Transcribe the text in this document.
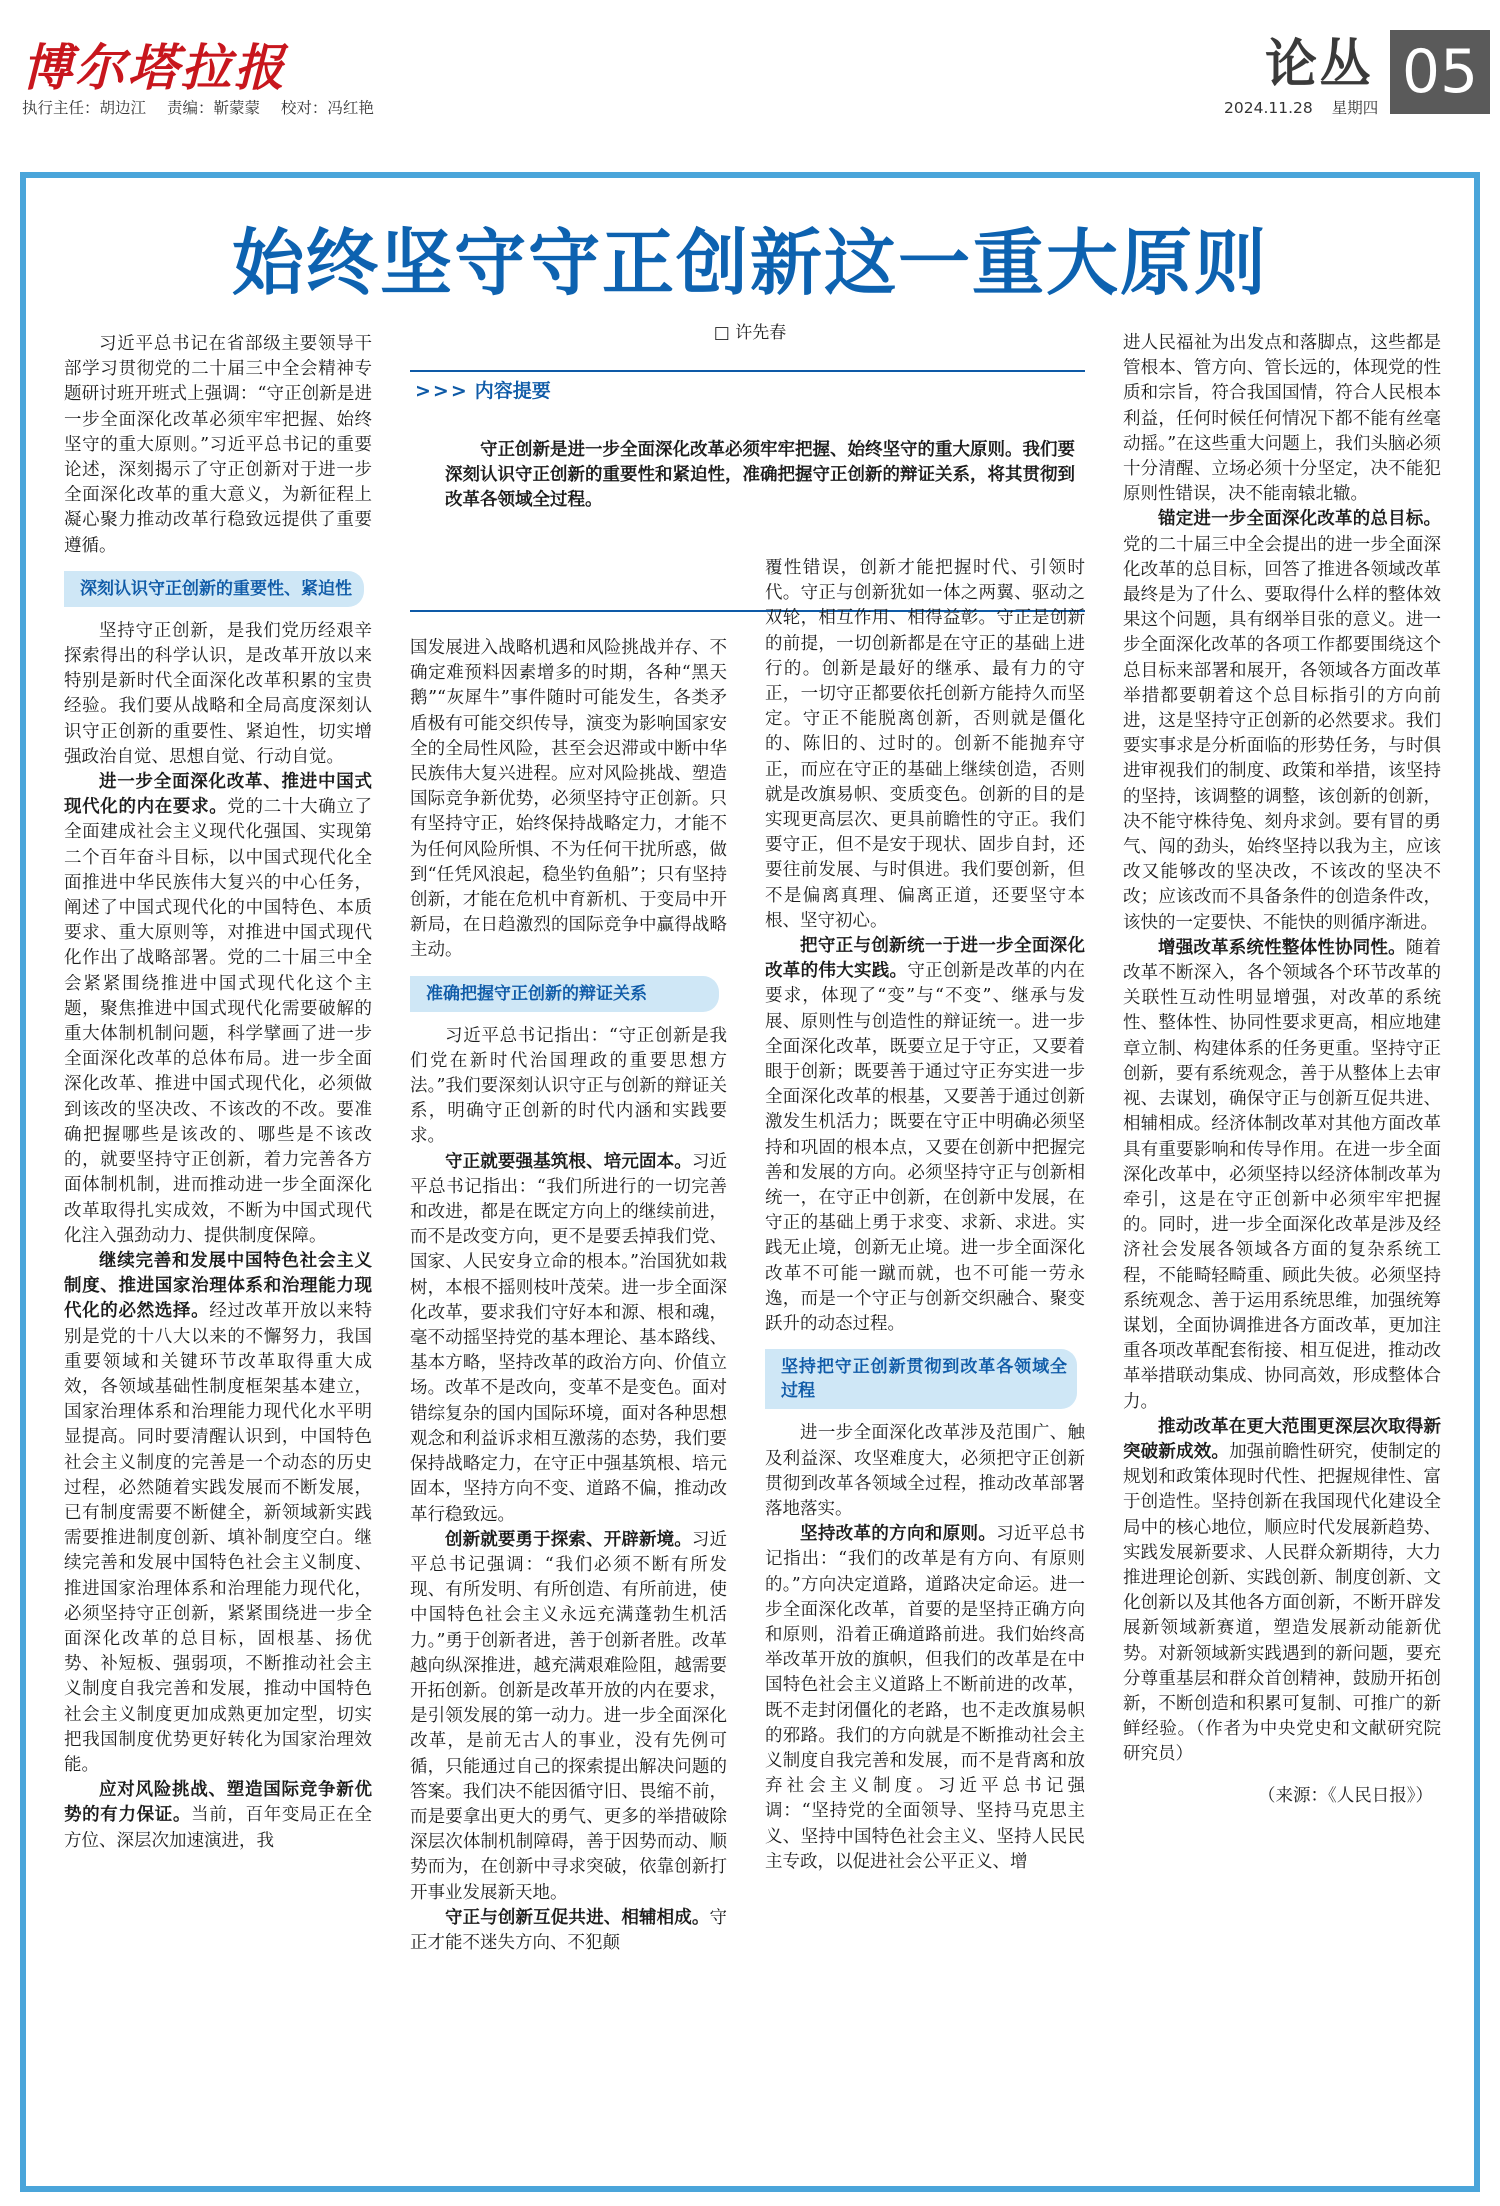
博尔塔拉报
执行主任：胡边江 责编：靳蒙蒙 校对：冯红艳
论丛 05
2024.11.28 星期四
始终坚守守正创新这一重大原则
□ 许先春
>>> 内容提要

守正创新是进一步全面深化改革必须牢牢把握、始终坚守的重大原则。我们要深刻认识守正创新的重要性和紧迫性，准确把握守正创新的辩证关系，将其贯彻到改革各领域全过程。

习近平总书记在省部级主要领导干部学习贯彻党的二十届三中全会精神专题研讨班开班式上强调：“守正创新是进一步全面深化改革必须牢牢把握、始终坚守的重大原则。”习近平总书记的重要论述，深刻揭示了守正创新对于进一步全面深化改革的重大意义，为新征程上凝心聚力推动改革行稳致远提供了重要遵循。

深刻认识守正创新的重要性、紧迫性

坚持守正创新，是我们党历经艰辛探索得出的科学认识，是改革开放以来特别是新时代全面深化改革积累的宝贵经验。我们要从战略和全局高度深刻认识守正创新的重要性、紧迫性，切实增强政治自觉、思想自觉、行动自觉。

进一步全面深化改革、推进中国式现代化的内在要求。党的二十大确立了全面建成社会主义现代化强国、实现第二个百年奋斗目标，以中国式现代化全面推进中华民族伟大复兴的中心任务，阐述了中国式现代化的中国特色、本质要求、重大原则等，对推进中国式现代化作出了战略部署。党的二十届三中全会紧紧围绕推进中国式现代化这个主题，聚焦推进中国式现代化需要破解的重大体制机制问题，科学擘画了进一步全面深化改革的总体布局。进一步全面深化改革、推进中国式现代化，必须做到该改的坚决改、不该改的不改。要准确把握哪些是该改的、哪些是不该改的，就要坚持守正创新，着力完善各方面体制机制，进而推动进一步全面深化改革取得扎实成效，不断为中国式现代化注入强劲动力、提供制度保障。

继续完善和发展中国特色社会主义制度、推进国家治理体系和治理能力现代化的必然选择。经过改革开放以来特别是党的十八大以来的不懈努力，我国重要领域和关键环节改革取得重大成效，各领域基础性制度框架基本建立，国家治理体系和治理能力现代化水平明显提高。同时要清醒认识到，中国特色社会主义制度的完善是一个动态的历史过程，必然随着实践发展而不断发展，已有制度需要不断健全，新领域新实践需要推进制度创新、填补制度空白。继续完善和发展中国特色社会主义制度、推进国家治理体系和治理能力现代化，必须坚持守正创新，紧紧围绕进一步全面深化改革的总目标，固根基、扬优势、补短板、强弱项，不断推动社会主义制度自我完善和发展，推动中国特色社会主义制度更加成熟更加定型，切实把我国制度优势更好转化为国家治理效能。

应对风险挑战、塑造国际竞争新优势的有力保证。当前，百年变局正在全方位、深层次加速演进，我

国发展进入战略机遇和风险挑战并存、不确定难预料因素增多的时期，各种“黑天鹅”“灰犀牛”事件随时可能发生，各类矛盾极有可能交织传导，演变为影响国家安全的全局性风险，甚至会迟滞或中断中华民族伟大复兴进程。应对风险挑战、塑造国际竞争新优势，必须坚持守正创新。只有坚持守正，始终保持战略定力，才能不为任何风险所惧、不为任何干扰所惑，做到“任凭风浪起，稳坐钓鱼船”；只有坚持创新，才能在危机中育新机、于变局中开新局，在日趋激烈的国际竞争中赢得战略主动。

准确把握守正创新的辩证关系

习近平总书记指出：“守正创新是我们党在新时代治国理政的重要思想方法。”我们要深刻认识守正与创新的辩证关系，明确守正创新的时代内涵和实践要求。

守正就要强基筑根、培元固本。习近平总书记指出：“我们所进行的一切完善和改进，都是在既定方向上的继续前进，而不是改变方向，更不是要丢掉我们党、国家、人民安身立命的根本。”治国犹如栽树，本根不摇则枝叶茂荣。进一步全面深化改革，要求我们守好本和源、根和魂，毫不动摇坚持党的基本理论、基本路线、基本方略，坚持改革的政治方向、价值立场。改革不是改向，变革不是变色。面对错综复杂的国内国际环境，面对各种思想观念和利益诉求相互激荡的态势，我们要保持战略定力，在守正中强基筑根、培元固本，坚持方向不变、道路不偏，推动改革行稳致远。

创新就要勇于探索、开辟新境。习近平总书记强调：“我们必须不断有所发现、有所发明、有所创造、有所前进，使中国特色社会主义永远充满蓬勃生机活力。”勇于创新者进，善于创新者胜。改革越向纵深推进，越充满艰难险阻，越需要开拓创新。创新是改革开放的内在要求，是引领发展的第一动力。进一步全面深化改革，是前无古人的事业，没有先例可循，只能通过自己的探索提出解决问题的答案。我们决不能因循守旧、畏缩不前，而是要拿出更大的勇气、更多的举措破除深层次体制机制障碍，善于因势而动、顺势而为，在创新中寻求突破，依靠创新打开事业发展新天地。

守正与创新互促共进、相辅相成。守正才能不迷失方向、不犯颠

覆性错误，创新才能把握时代、引领时代。守正与创新犹如一体之两翼、驱动之双轮，相互作用、相得益彰。守正是创新的前提，一切创新都是在守正的基础上进行的。创新是最好的继承、最有力的守正，一切守正都要依托创新方能持久而坚定。守正不能脱离创新，否则就是僵化的、陈旧的、过时的。创新不能抛弃守正，而应在守正的基础上继续创造，否则就是改旗易帜、变质变色。创新的目的是实现更高层次、更具前瞻性的守正。我们要守正，但不是安于现状、固步自封，还要往前发展、与时俱进。我们要创新，但不是偏离真理、偏离正道，还要坚守本根、坚守初心。

把守正与创新统一于进一步全面深化改革的伟大实践。守正创新是改革的内在要求，体现了“变”与“不变”、继承与发展、原则性与创造性的辩证统一。进一步全面深化改革，既要立足于守正，又要着眼于创新；既要善于通过守正夯实进一步全面深化改革的根基，又要善于通过创新激发生机活力；既要在守正中明确必须坚持和巩固的根本点，又要在创新中把握完善和发展的方向。必须坚持守正与创新相统一，在守正中创新，在创新中发展，在守正的基础上勇于求变、求新、求进。实践无止境，创新无止境。进一步全面深化改革不可能一蹴而就，也不可能一劳永逸，而是一个守正与创新交织融合、聚变跃升的动态过程。

坚持把守正创新贯彻到改革各领域全过程

进一步全面深化改革涉及范围广、触及利益深、攻坚难度大，必须把守正创新贯彻到改革各领域全过程，推动改革部署落地落实。

坚持改革的方向和原则。习近平总书记指出：“我们的改革是有方向、有原则的。”方向决定道路，道路决定命运。进一步全面深化改革，首要的是坚持正确方向和原则，沿着正确道路前进。我们始终高举改革开放的旗帜，但我们的改革是在中国特色社会主义道路上不断前进的改革，既不走封闭僵化的老路，也不走改旗易帜的邪路。我们的方向就是不断推动社会主义制度自我完善和发展，而不是背离和放弃社会主义制度。习近平总书记强调：“坚持党的全面领导、坚持马克思主义、坚持中国特色社会主义、坚持人民民主专政，以促进社会公平正义、增

进人民福祉为出发点和落脚点，这些都是管根本、管方向、管长远的，体现党的性质和宗旨，符合我国国情，符合人民根本利益，任何时候任何情况下都不能有丝毫动摇。”在这些重大问题上，我们头脑必须十分清醒、立场必须十分坚定，决不能犯原则性错误，决不能南辕北辙。

锚定进一步全面深化改革的总目标。党的二十届三中全会提出的进一步全面深化改革的总目标，回答了推进各领域改革最终是为了什么、要取得什么样的整体效果这个问题，具有纲举目张的意义。进一步全面深化改革的各项工作都要围绕这个总目标来部署和展开，各领域各方面改革举措都要朝着这个总目标指引的方向前进，这是坚持守正创新的必然要求。我们要实事求是分析面临的形势任务，与时俱进审视我们的制度、政策和举措，该坚持的坚持，该调整的调整，该创新的创新，决不能守株待兔、刻舟求剑。要有冒的勇气、闯的劲头，始终坚持以我为主，应该改又能够改的坚决改，不该改的坚决不改；应该改而不具备条件的创造条件改，该快的一定要快、不能快的则循序渐进。

增强改革系统性整体性协同性。随着改革不断深入，各个领域各个环节改革的关联性互动性明显增强，对改革的系统性、整体性、协同性要求更高，相应地建章立制、构建体系的任务更重。坚持守正创新，要有系统观念，善于从整体上去审视、去谋划，确保守正与创新互促共进、相辅相成。经济体制改革对其他方面改革具有重要影响和传导作用。在进一步全面深化改革中，必须坚持以经济体制改革为牵引，这是在守正创新中必须牢牢把握的。同时，进一步全面深化改革是涉及经济社会发展各领域各方面的复杂系统工程，不能畸轻畸重、顾此失彼。必须坚持系统观念、善于运用系统思维，加强统筹谋划，全面协调推进各方面改革，更加注重各项改革配套衔接、相互促进，推动改革举措联动集成、协同高效，形成整体合力。

推动改革在更大范围更深层次取得新突破新成效。加强前瞻性研究，使制定的规划和政策体现时代性、把握规律性、富于创造性。坚持创新在我国现代化建设全局中的核心地位，顺应时代发展新趋势、实践发展新要求、人民群众新期待，大力推进理论创新、实践创新、制度创新、文化创新以及其他各方面创新，不断开辟发展新领域新赛道，塑造发展新动能新优势。对新领域新实践遇到的新问题，要充分尊重基层和群众首创精神，鼓励开拓创新，不断创造和积累可复制、可推广的新鲜经验。（作者为中央党史和文献研究院研究员）

（来源：《人民日报》）
